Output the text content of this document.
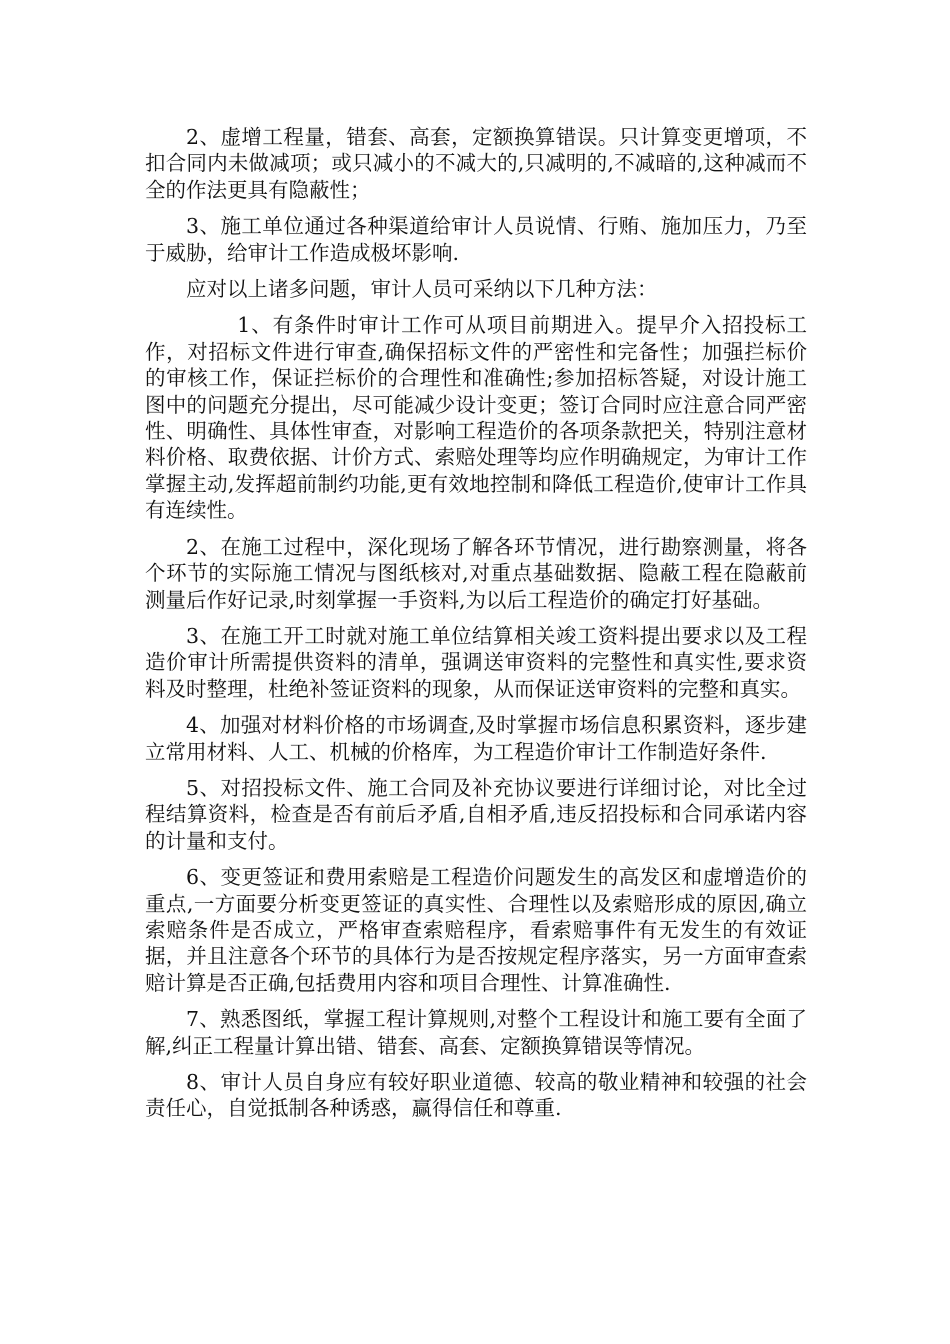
2、虚增工程量，错套、高套，定额换算错误。只计算变更增项，不扣合同内未做减项；或只减小的不减大的,只减明的,不减暗的,这种减而不全的作法更具有隐蔽性；

3、施工单位通过各种渠道给审计人员说情、行贿、施加压力，乃至于威胁，给审计工作造成极坏影响.

应对以上诸多问题，审计人员可采纳以下几种方法：

1、有条件时审计工作可从项目前期进入。提早介入招投标工作，对招标文件进行审查,确保招标文件的严密性和完备性；加强拦标价的审核工作，保证拦标价的合理性和准确性;参加招标答疑，对设计施工图中的问题充分提出，尽可能减少设计变更；签订合同时应注意合同严密性、明确性、具体性审查，对影响工程造价的各项条款把关，特别注意材料价格、取费依据、计价方式、索赔处理等均应作明确规定，为审计工作掌握主动,发挥超前制约功能,更有效地控制和降低工程造价,使审计工作具有连续性。

2、在施工过程中，深化现场了解各环节情况，进行勘察测量，将各个环节的实际施工情况与图纸核对,对重点基础数据、隐蔽工程在隐蔽前测量后作好记录,时刻掌握一手资料,为以后工程造价的确定打好基础。

3、在施工开工时就对施工单位结算相关竣工资料提出要求以及工程造价审计所需提供资料的清单，强调送审资料的完整性和真实性,要求资料及时整理，杜绝补签证资料的现象，从而保证送审资料的完整和真实。

4、加强对材料价格的市场调查,及时掌握市场信息积累资料，逐步建立常用材料、人工、机械的价格库，为工程造价审计工作制造好条件.

5、对招投标文件、施工合同及补充协议要进行详细讨论，对比全过程结算资料，检查是否有前后矛盾,自相矛盾,违反招投标和合同承诺内容的计量和支付。

6、变更签证和费用索赔是工程造价问题发生的高发区和虚增造价的重点,一方面要分析变更签证的真实性、合理性以及索赔形成的原因,确立索赔条件是否成立，严格审查索赔程序，看索赔事件有无发生的有效证据，并且注意各个环节的具体行为是否按规定程序落实，另一方面审查索赔计算是否正确,包括费用内容和项目合理性、计算准确性.

7、熟悉图纸，掌握工程计算规则,对整个工程设计和施工要有全面了解,纠正工程量计算出错、错套、高套、定额换算错误等情况。

8、审计人员自身应有较好职业道德、较高的敬业精神和较强的社会责任心，自觉抵制各种诱惑，赢得信任和尊重.
